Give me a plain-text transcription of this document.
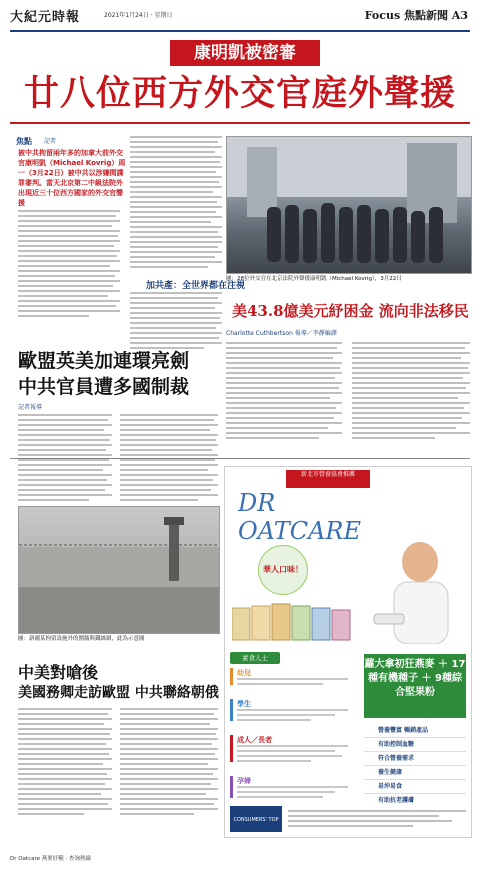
大紀元時報	2021年1月24日 · 星期日	Focus 焦點新聞 A3
康明凱被密審
廿八位西方外交官庭外聲援
焦點 記者
被中共拘留兩年多的加拿大前外交官康明凱（Michael Kovrig）周一（3月22日）被中共以涉嫌間諜罪審判。當天北京第二中級法院外出現近三十位西方國家的外交官聲援
加共產：全世界都在注視
圖：28位外交官在北京法院外聲援康明凱（Michael Kovrig），3月22日
美43.8億美元紓困金 流向非法移民
Charlotte Cuthbertson 報導／李靜編譯
歐盟英美加連環亮劍
中共官員遭多國制裁
記者報導
圖：新疆某拘留設施外的圍牆與鐵絲網，此為示意圖
中美對嗆後
美國務卿走訪歐盟 中共聯絡朝俄
新北市營養協會推薦
DR OATCARE
華人口味！
蘿大拿初狂燕麥 ＋ 17種有機種子 ＋ 9種綜合堅果粉
素食人士
幼兒
學生
成人／長者
孕婦
營養豐富 暢銷產品
有助控制血糖
符合營養需求
養生健康
易沖易食
有助抗老護膚
CONSUMERS' TOP
Dr Oatcare 燕麥紓糧 · 查詢熱線
